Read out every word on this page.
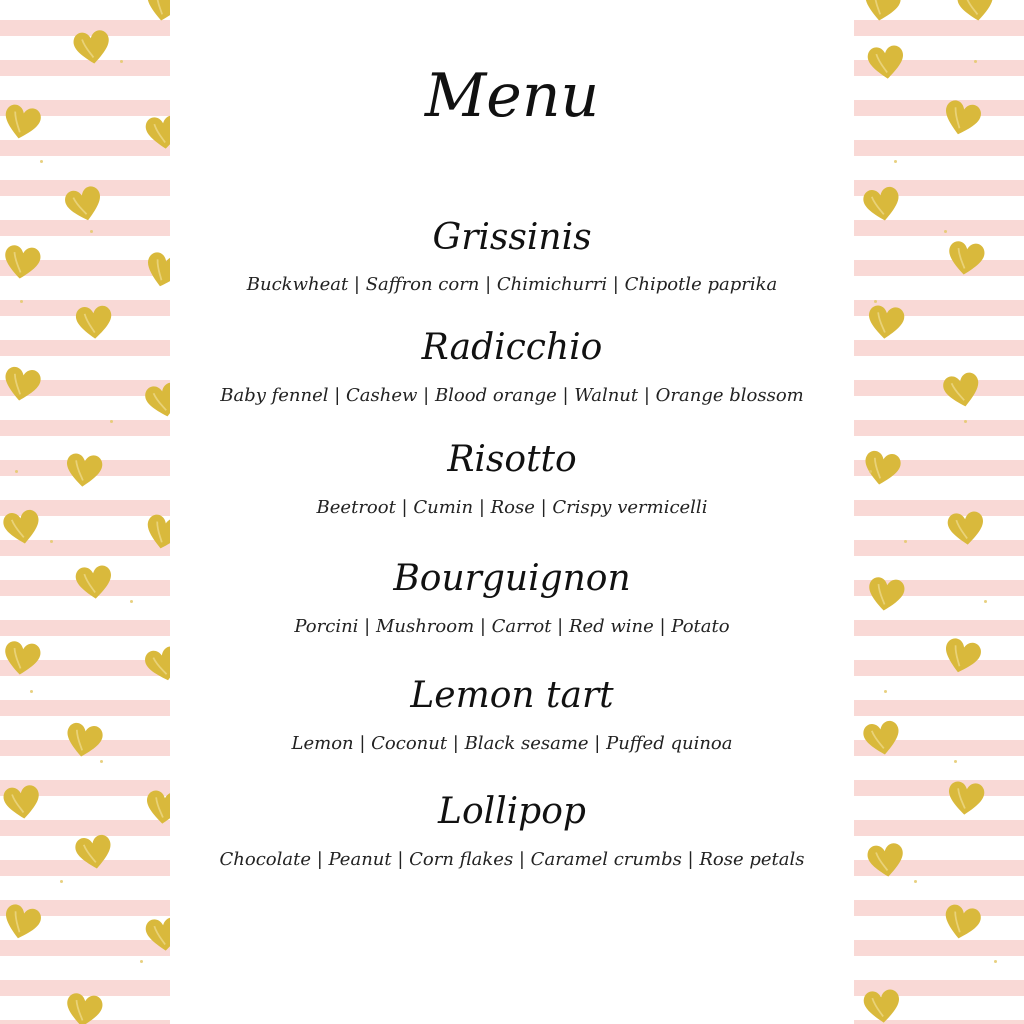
Menu
Grissinis
Buckwheat | Saffron corn | Chimichurri | Chipotle paprika
Radicchio
Baby fennel | Cashew | Blood orange | Walnut | Orange blossom
Risotto
Beetroot | Cumin | Rose | Crispy vermicelli
Bourguignon
Porcini | Mushroom | Carrot | Red wine | Potato
Lemon tart
Lemon | Coconut | Black sesame | Puffed quinoa
Lollipop
Chocolate | Peanut | Corn flakes | Caramel crumbs | Rose petals
